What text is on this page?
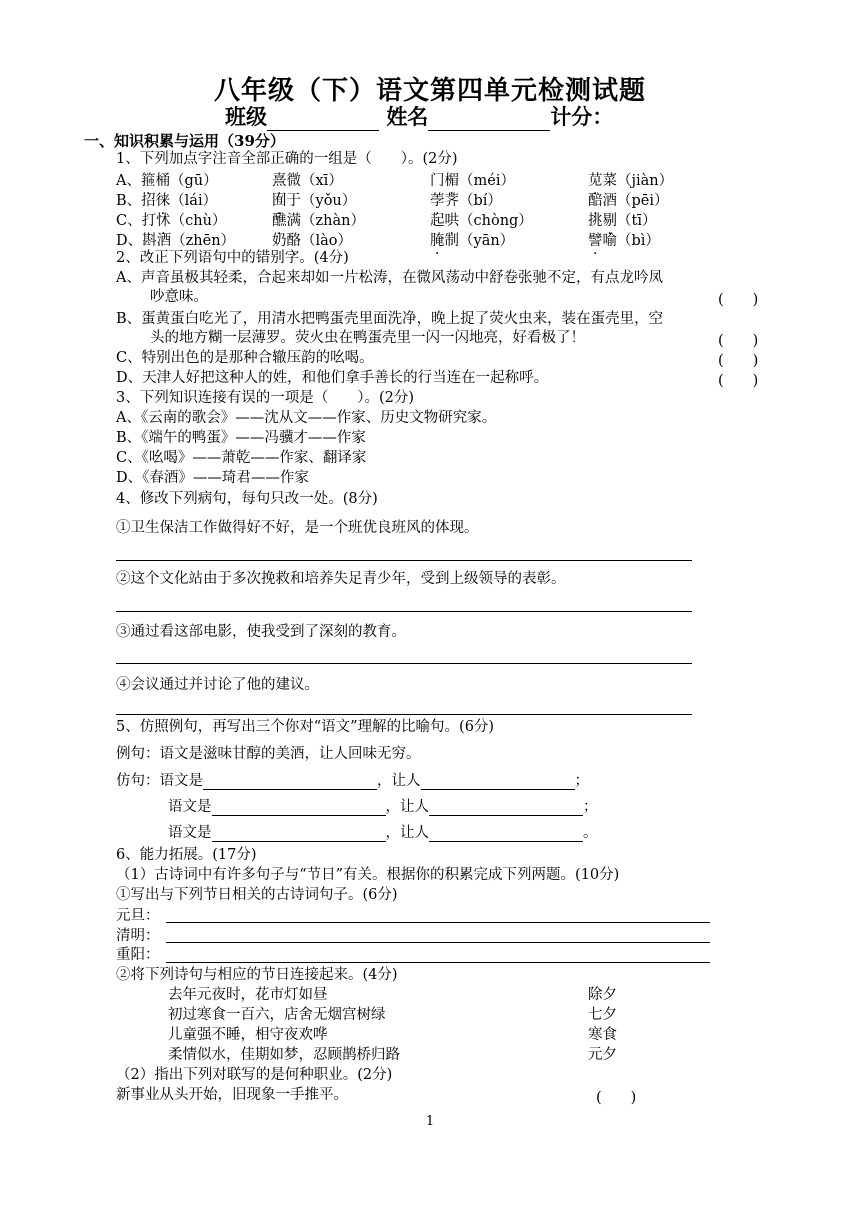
八年级（下）语文第四单元检测试题
班级	姓名	计分：
一、知识积累与运用（39分）
1、下列加点字注音全部正确的一组是（　　）。(2分)
A、箍桶（gū）	熹微（xī）	门楣（méi）	苋菜（jiàn）
B、招徕（lái）	囿于（yǒu）	荸荠（bí）	醅酒（pēi）
C、打怵（chù）	醮满（zhàn）	起哄（chòng）	挑剔（tī）
D、斟酒（zhēn）	奶酪（lào）	腌制（yān）	譬喻（bì）
2、改正下列语句中的错别字。(4分)
A、声音虽极其轻柔，合起来却如一片松涛，在微风荡动中舒卷张驰不定，有点龙吟凤
吵意味。	(　　)
B、蛋黄蛋白吃光了，用清水把鸭蛋壳里面洗净，晚上捉了荧火虫来，装在蛋壳里，空
头的地方糊一层薄罗。荧火虫在鸭蛋壳里一闪一闪地亮，好看极了！	(　　)
C、特别出色的是那种合辙压韵的吆喝。	(　　)
D、天津人好把这种人的姓，和他们拿手善长的行当连在一起称呼。	(　　)
3、下列知识连接有误的一项是（　　）。(2分)
A、《云南的歌会》——沈从文——作家、历史文物研究家。
B、《端午的鸭蛋》——冯骥才——作家
C、《吆喝》——萧乾——作家、翻译家
D、《春酒》——琦君——作家
4、修改下列病句，每句只改一处。(8分)
①卫生保洁工作做得好不好，是一个班优良班风的体现。
②这个文化站由于多次挽救和培养失足青少年，受到上级领导的表彰。
③通过看这部电影，使我受到了深刻的教育。
④会议通过并讨论了他的建议。
5、仿照例句，再写出三个你对“语文”理解的比喻句。(6分)
例句：语文是滋味甘醇的美酒，让人回味无穷。
仿句：语文是	，让人	；
语文是	，让人	；
语文是	，让人	。
6、能力拓展。(17分)
（1）古诗词中有许多句子与“节日”有关。根据你的积累完成下列两题。(10分)
①写出与下列节日相关的古诗词句子。(6分)
元旦：
清明：
重阳：
②将下列诗句与相应的节日连接起来。(4分)
去年元夜时，花市灯如昼	除夕
初过寒食一百六，店舍无烟宫树绿	七夕
儿童强不睡，相守夜欢哗	寒食
柔情似水，佳期如梦，忍顾鹊桥归路	元夕
（2）指出下列对联写的是何种职业。(2分)
新事业从头开始，旧现象一手推平。	(　　)
1
